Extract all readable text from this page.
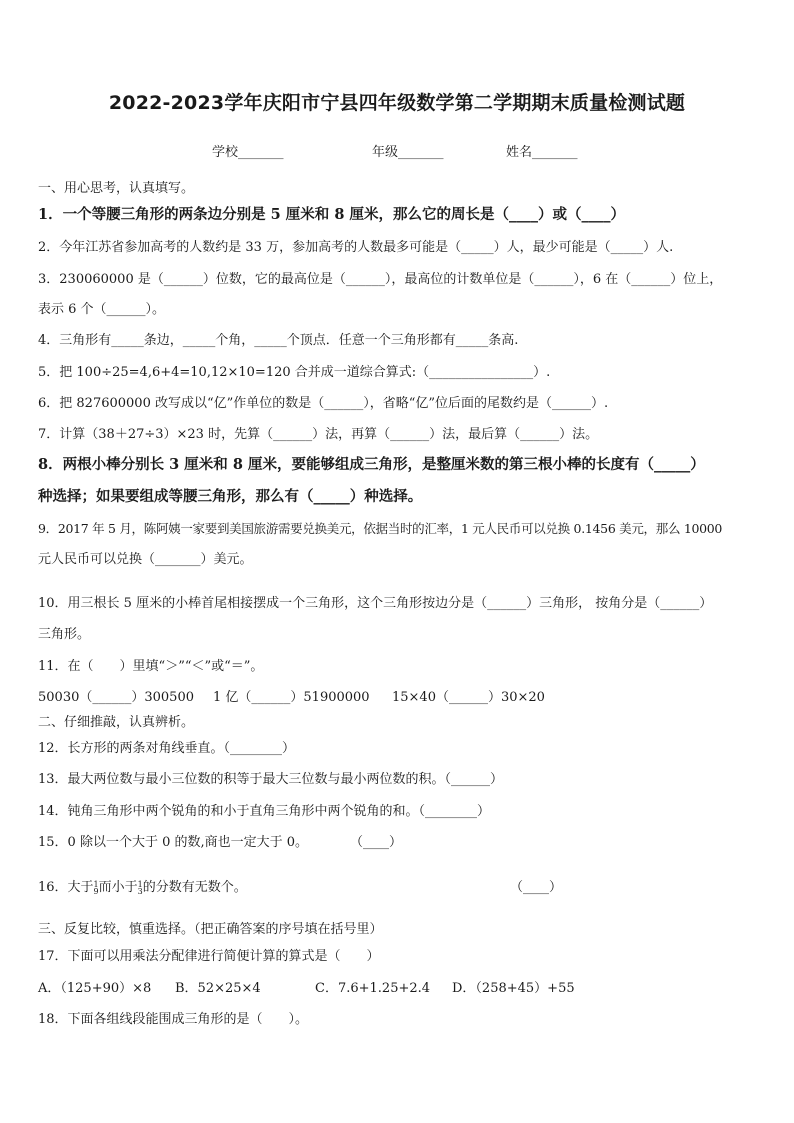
2022-2023学年庆阳市宁县四年级数学第二学期期末质量检测试题
学校_______	年级_______	姓名_______
一、用心思考，认真填写。
1．一个等腰三角形的两条边分别是 5 厘米和 8 厘米，那么它的周长是（____）或（____）
2．今年江苏省参加高考的人数约是 33 万，参加高考的人数最多可能是（_____）人，最少可能是（_____）人.
3．230060000 是（______）位数，它的最高位是（______），最高位的计数单位是（______），6 在（______）位上，
表示 6 个（______）。
4．三角形有_____条边，_____个角，_____个顶点．任意一个三角形都有_____条高.
5．把 100÷25=4,6+4=10,12×10=120 合并成一道综合算式:（________________）.
6．把 827600000 改写成以“亿”作单位的数是（______），省略“亿”位后面的尾数约是（______）.
7．计算（38＋27÷3）×23 时，先算（______）法，再算（______）法，最后算（______）法。
8．两根小棒分别长 3 厘米和 8 厘米，要能够组成三角形，是整厘米数的第三根小棒的长度有（_____）
种选择；如果要组成等腰三角形，那么有（_____）种选择。
9．2017 年 5 月，陈阿姨一家要到美国旅游需要兑换美元，依据当时的汇率，1 元人民币可以兑换 0.1456 美元，那么 10000
元人民币可以兑换（_______）美元。
10．用三根长 5 厘米的小棒首尾相接摆成一个三角形，这个三角形按边分是（______）三角形， 按角分是（______）
三角形。
11．在（　　）里填“＞”“＜”或“＝”。
50030（______）300500 1 亿（______）51900000 15×40（______）30×20
二、仔细推敲，认真辨析。
12．长方形的两条对角线垂直。（________）
13．最大两位数与最小三位数的积等于最大三位数与最小两位数的积。（______）
14．钝角三角形中两个锐角的和小于直角三角形中两个锐角的和。（________）
15．0 除以一个大于 0 的数,商也一定大于 0。	（____）
16．大于 1
9 而小于 1
3 的分数有无数个。	（____）
三、反复比较，慎重选择。（把正确答案的序号填在括号里）
17．下面可以用乘法分配律进行简便计算的算式是（　　）
A．（125+90）×8 B．52×25×4	C．7.6+1.25+2.4 D．（258+45）+55
18．下面各组线段能围成三角形的是（　　）。
